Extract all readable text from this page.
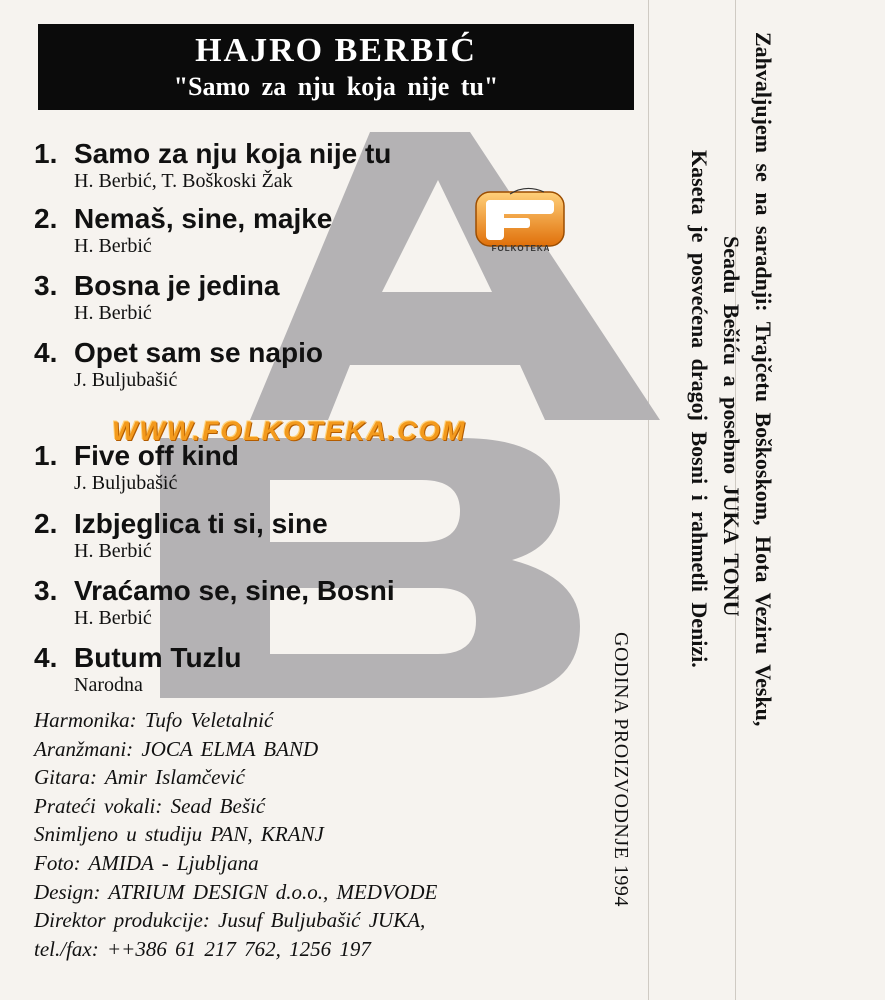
HAJRO BERBIĆ
"Samo za nju koja nije tu"
FOLKOTEKA
1. Samo za nju koja nije tu
H. Berbić, T. Boškoski Žak
2. Nemaš, sine, majke
H. Berbić
3. Bosna je jedina
H. Berbić
4. Opet sam se napio
J. Buljubašić
WWW.FOLKOTEKA.COM
1. Five off kind
J. Buljubašić
2. Izbjeglica ti si, sine
H. Berbić
3. Vraćamo se, sine, Bosni
H. Berbić
4. Butum Tuzlu
Narodna
Harmonika: Tufo Veletalnić
Aranžmani: JOCA ELMA BAND
Gitara: Amir Islamčević
Prateći vokali: Sead Bešić
Snimljeno u studiju PAN, KRANJ
Foto: AMIDA - Ljubljana
Design: ATRIUM DESIGN d.o.o., MEDVODE
Direktor produkcije: Jusuf Buljubašić JUKA,
tel./fax: ++386 61 217 762, 1256 197
GODINA PROIZVODNJE 1994
Zahvaljujem se na saradnji: Trajčetu Boškoskom, Hota Veziru Vesku,
Seadu Bešiću a posebno JUKA TONU
Kaseta je posvećena dragoj Bosni i rahmetli Denizi.
